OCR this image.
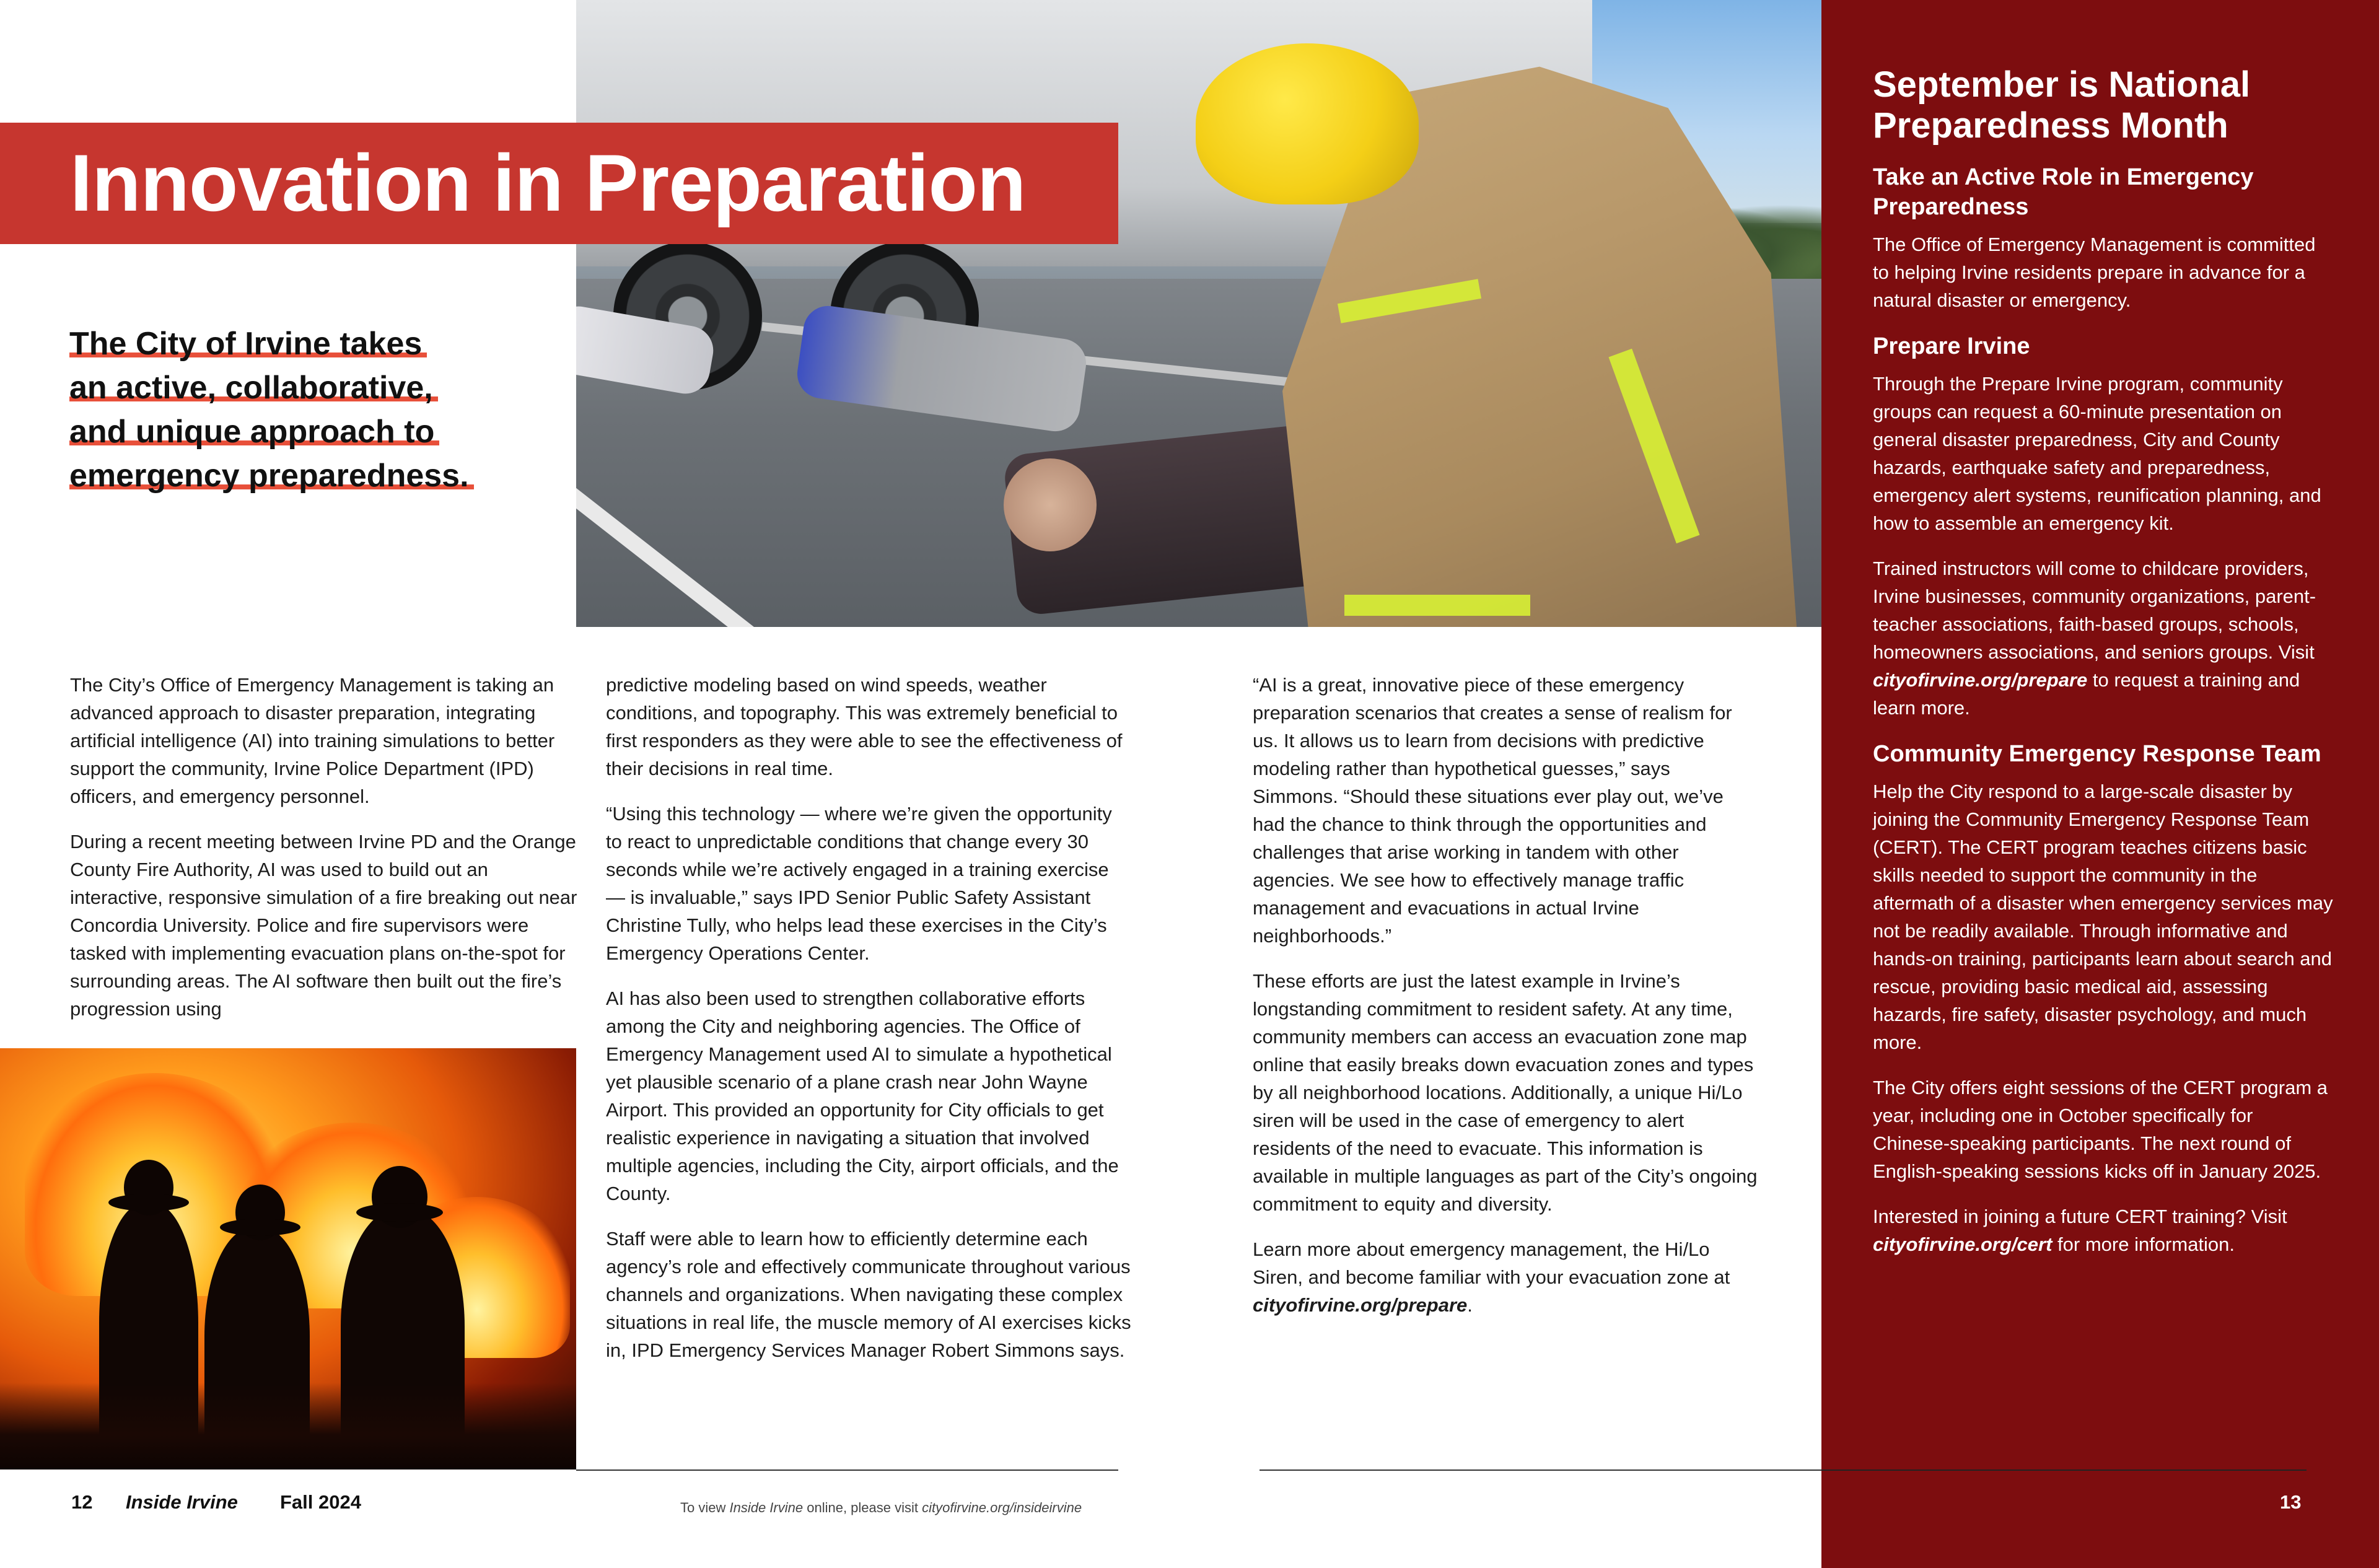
Innovation in Preparation

The City of Irvine takes
an active, collaborative,
and unique approach to
emergency preparedness.

The City’s Office of Emergency Management is taking an advanced approach to disaster preparation, integrating artificial intelligence (AI) into training simulations to better support the community, Irvine Police Department (IPD) officers, and emergency personnel.

During a recent meeting between Irvine PD and the Orange County Fire Authority, AI was used to build out an interactive, responsive simulation of a fire breaking out near Concordia University. Police and fire supervisors were tasked with implementing evacuation plans on-the-spot for surrounding areas. The AI software then built out the fire’s progression using

predictive modeling based on wind speeds, weather conditions, and topography. This was extremely beneficial to first responders as they were able to see the effectiveness of their decisions in real time.

“Using this technology — where we’re given the opportunity to react to unpredictable conditions that change every 30 seconds while we’re actively engaged in a training exercise — is invaluable,” says IPD Senior Public Safety Assistant Christine Tully, who helps lead these exercises in the City’s Emergency Operations Center.

AI has also been used to strengthen collaborative efforts among the City and neighboring agencies. The Office of Emergency Management used AI to simulate a hypothetical yet plausible scenario of a plane crash near John Wayne Airport. This provided an opportunity for City officials to get realistic experience in navigating a situation that involved multiple agencies, including the City, airport officials, and the County.

Staff were able to learn how to efficiently determine each agency’s role and effectively communicate throughout various channels and organizations. When navigating these complex situations in real life, the muscle memory of AI exercises kicks in, IPD Emergency Services Manager Robert Simmons says.

“AI is a great, innovative piece of these emergency preparation scenarios that creates a sense of realism for us. It allows us to learn from decisions with predictive modeling rather than hypothetical guesses,” says Simmons. “Should these situations ever play out, we’ve had the chance to think through the opportunities and challenges that arise working in tandem with other agencies. We see how to effectively manage traffic management and evacuations in actual Irvine neighborhoods.”

These efforts are just the latest example in Irvine’s longstanding commitment to resident safety. At any time, community members can access an evacuation zone map online that easily breaks down evacuation zones and types by all neighborhood locations. Additionally, a unique Hi/Lo siren will be used in the case of emergency to alert residents of the need to evacuate. This information is available in multiple languages as part of the City’s ongoing commitment to equity and diversity.

Learn more about emergency management, the Hi/Lo Siren, and become familiar with your evacuation zone at cityofirvine.org/prepare.

September is National Preparedness Month
Take an Active Role in Emergency Preparedness

The Office of Emergency Management is committed to helping Irvine residents prepare in advance for a natural disaster or emergency.

Prepare Irvine

Through the Prepare Irvine program, community groups can request a 60-minute presentation on general disaster preparedness, City and County hazards, earthquake safety and preparedness, emergency alert systems, reunification planning, and how to assemble an emergency kit.

Trained instructors will come to childcare providers, Irvine businesses, community organizations, parent-teacher associations, faith-based groups, schools, homeowners associations, and seniors groups. Visit cityofirvine.org/prepare to request a training and learn more.

Community Emergency Response Team

Help the City respond to a large-scale disaster by joining the Community Emergency Response Team (CERT). The CERT program teaches citizens basic skills needed to support the community in the aftermath of a disaster when emergency services may not be readily available. Through informative and hands-on training, participants learn about search and rescue, providing basic medical aid, assessing hazards, fire safety, disaster psychology, and much more.

The City offers eight sessions of the CERT program a year, including one in October specifically for Chinese-speaking participants. The next round of English-speaking sessions kicks off in January 2025.

Interested in joining a future CERT training? Visit cityofirvine.org/cert for more information.

12 Inside Irvine Fall 2024	To view Inside Irvine online, please visit cityofirvine.org/insideirvine	13
